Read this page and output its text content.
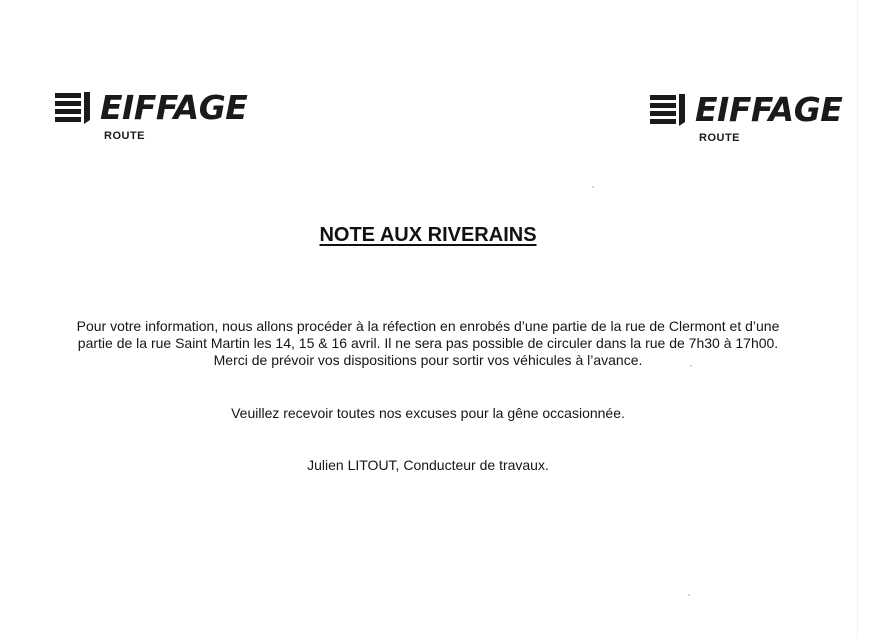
EIFFAGE
ROUTE
EIFFAGE
ROUTE
NOTE AUX RIVERAINS
Pour votre information, nous allons procéder à la réfection en enrobés d’une partie de la rue de Clermont et d’une
partie de la rue Saint Martin les 14, 15 & 16 avril. Il ne sera pas possible de circuler dans la rue de 7h30 à 17h00.
Merci de prévoir vos dispositions pour sortir vos véhicules à l’avance.
Veuillez recevoir toutes nos excuses pour la gêne occasionnée.
Julien LITOUT, Conducteur de travaux.
